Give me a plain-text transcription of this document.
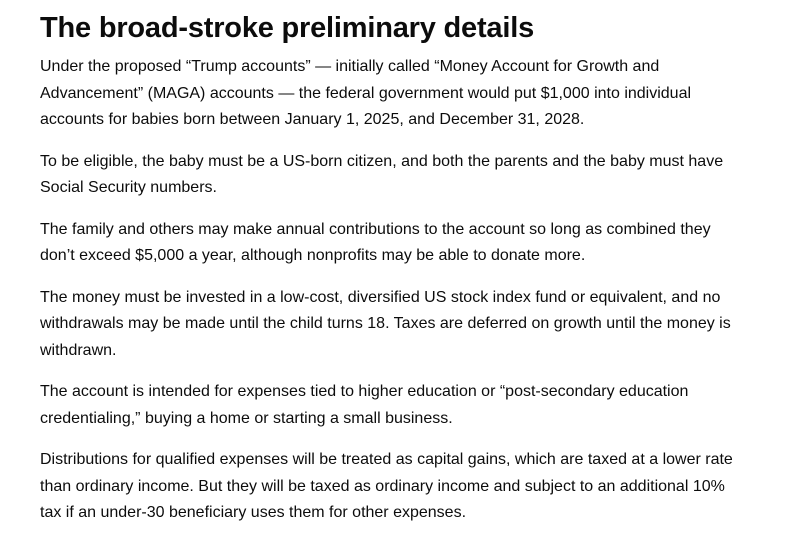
The broad-stroke preliminary details

Under the proposed “Trump accounts” — initially called “Money Account for Growth and Advancement” (MAGA) accounts — the federal government would put $1,000 into individual accounts for babies born between January 1, 2025, and December 31, 2028.

To be eligible, the baby must be a US-born citizen, and both the parents and the baby must have Social Security numbers.

The family and others may make annual contributions to the account so long as combined they don’t exceed $5,000 a year, although nonprofits may be able to donate more.

The money must be invested in a low-cost, diversified US stock index fund or equivalent, and no withdrawals may be made until the child turns 18. Taxes are deferred on growth until the money is withdrawn.

The account is intended for expenses tied to higher education or “post-secondary education credentialing,” buying a home or starting a small business.

Distributions for qualified expenses will be treated as capital gains, which are taxed at a lower rate than ordinary income. But they will be taxed as ordinary income and subject to an additional 10% tax if an under-30 beneficiary uses them for other expenses.
